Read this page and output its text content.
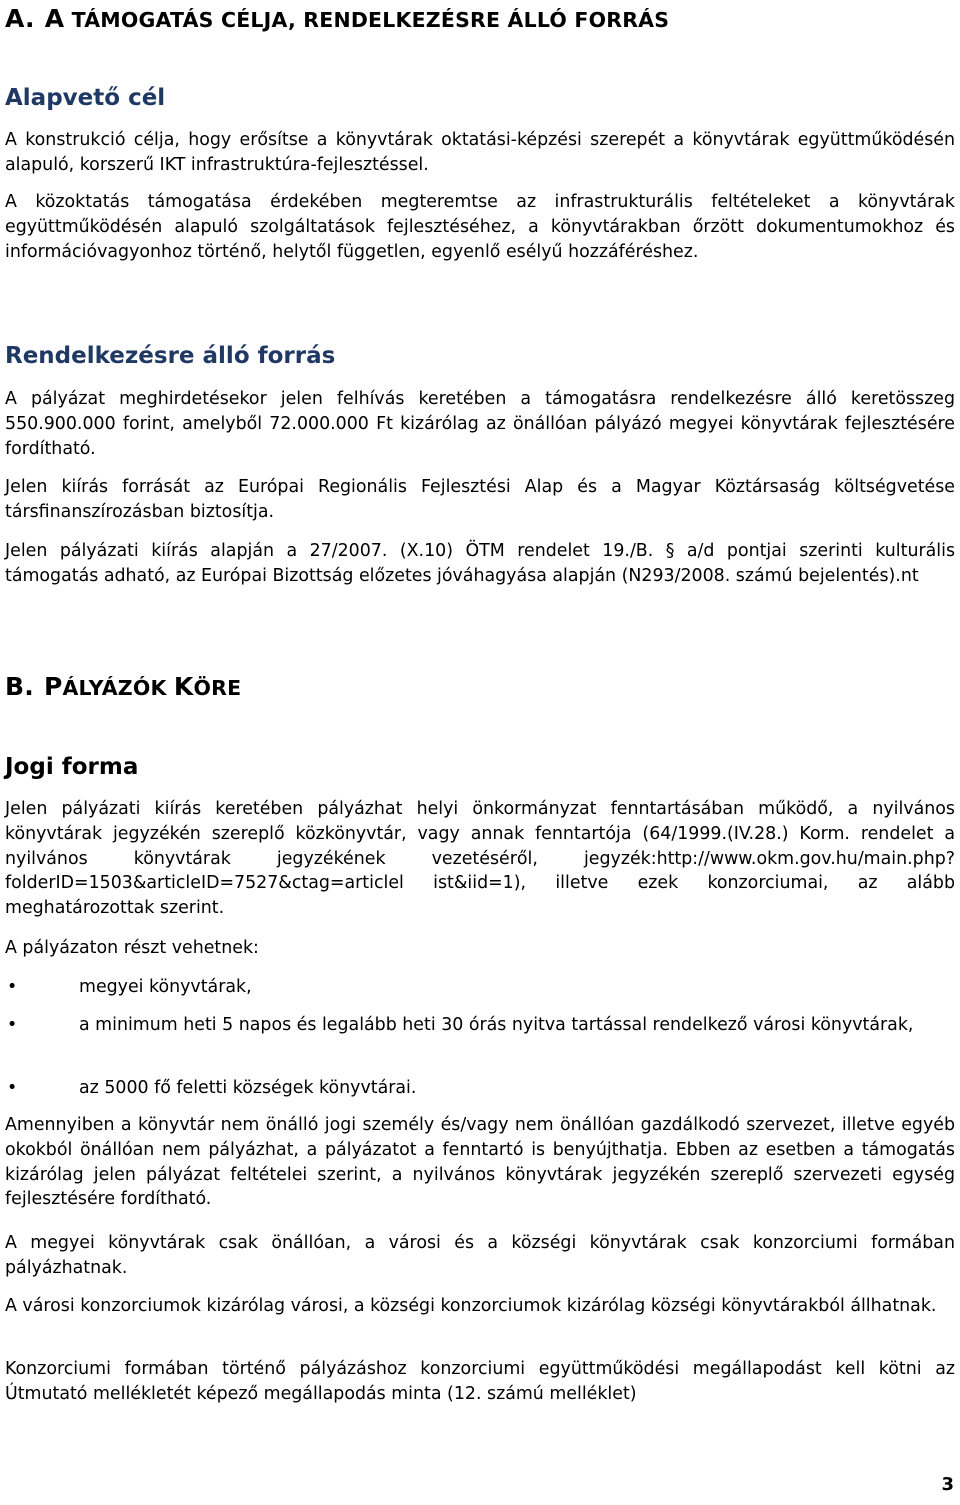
A. A TÁMOGATÁS CÉLJA, RENDELKEZÉSRE ÁLLÓ FORRÁS
Alapvető cél

A konstrukció célja, hogy erősítse a könyvtárak oktatási-képzési szerepét a könyvtárak együttműködésén alapuló, korszerű IKT infrastruktúra-fejlesztéssel.

A közoktatás támogatása érdekében megteremtse az infrastrukturális feltételeket a könyvtárak együttműködésén alapuló szolgáltatások fejlesztéséhez, a könyvtárakban őrzött dokumentumokhoz és információvagyonhoz történő, helytől független, egyenlő esélyű hozzáféréshez.

Rendelkezésre álló forrás

A pályázat meghirdetésekor jelen felhívás keretében a támogatásra rendelkezésre álló keretösszeg 550.900.000 forint, amelyből 72.000.000 Ft kizárólag az önállóan pályázó megyei könyvtárak fejlesztésére fordítható.

Jelen kiírás forrását az Európai Regionális Fejlesztési Alap és a Magyar Köztársaság költségvetése társfinanszírozásban biztosítja.

Jelen pályázati kiírás alapján a 27/2007. (X.10) ÖTM rendelet 19./B. § a/d pontjai szerinti kulturális támogatás adható, az Európai Bizottság előzetes jóváhagyása alapján (N293/2008. számú bejelentés).nt

B. PÁLYÁZÓK KÖRE
Jogi forma

Jelen pályázati kiírás keretében pályázhat helyi önkormányzat fenntartásában működő, a nyilvános könyvtárak jegyzékén szereplő közkönyvtár, vagy annak fenntartója (64/1999.(IV.28.) Korm. rendelet a nyilvános könyvtárak jegyzékének vezetéséről, jegyzék:http://www.okm.gov.hu/main.php?folderID=1503&articleID=7527&ctag=articlel ist&iid=1), illetve ezek konzorciumai, az alább meghatározottak szerint.

A pályázaton részt vehetnek:

•	megyei könyvtárak,
•	a minimum heti 5 napos és legalább heti 30 órás nyitva tartással rendelkező városi könyvtárak,
•	az 5000 fő feletti községek könyvtárai.

Amennyiben a könyvtár nem önálló jogi személy és/vagy nem önállóan gazdálkodó szervezet, illetve egyéb okokból önállóan nem pályázhat, a pályázatot a fenntartó is benyújthatja. Ebben az esetben a támogatás kizárólag jelen pályázat feltételei szerint, a nyilvános könyvtárak jegyzékén szereplő szervezeti egység fejlesztésére fordítható.

A megyei könyvtárak csak önállóan, a városi és a községi könyvtárak csak konzorciumi formában pályázhatnak.

A városi konzorciumok kizárólag városi, a községi konzorciumok kizárólag községi könyvtárakból állhatnak.

Konzorciumi formában történő pályázáshoz konzorciumi együttműködési megállapodást kell kötni az Útmutató mellékletét képező megállapodás minta (12. számú melléklet)

3
